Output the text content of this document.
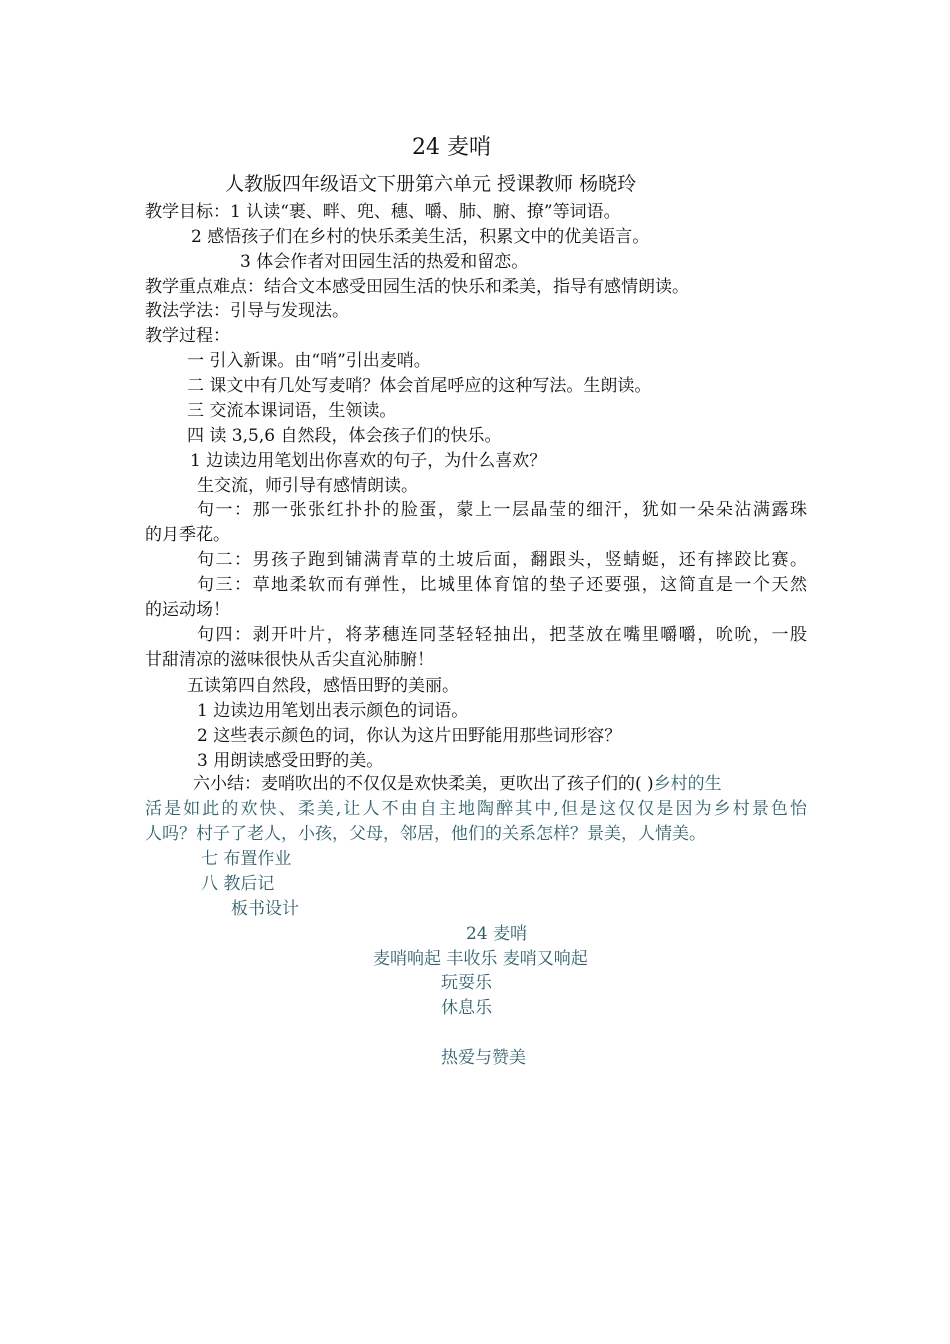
24 麦哨
人教版四年级语文下册第六单元 授课教师 杨晓玲
教学目标：1 认读“裹、畔、兜、穗、嚼、肺、腑、撩”等词语。
2 感悟孩子们在乡村的快乐柔美生活，积累文中的优美语言。
3 体会作者对田园生活的热爱和留恋。
教学重点难点：结合文本感受田园生活的快乐和柔美，指导有感情朗读。
教法学法：引导与发现法。
教学过程：
一 引入新课。由“哨”引出麦哨。
二 课文中有几处写麦哨？体会首尾呼应的这种写法。生朗读。
三 交流本课词语，生领读。
四 读 3,5,6 自然段，体会孩子们的快乐。
1 边读边用笔划出你喜欢的句子，为什么喜欢？
生交流，师引导有感情朗读。
句一：那一张张红扑扑的脸蛋，蒙上一层晶莹的细汗，犹如一朵朵沾满露珠
的月季花。
句二：男孩子跑到铺满青草的土坡后面，翻跟头，竖蜻蜓，还有摔跤比赛。
句三：草地柔软而有弹性，比城里体育馆的垫子还要强，这简直是一个天然
的运动场！
句四：剥开叶片，将茅穗连同茎轻轻抽出，把茎放在嘴里嚼嚼，吮吮，一股
甘甜清凉的滋味很快从舌尖直沁肺腑！
五读第四自然段，感悟田野的美丽。
1 边读边用笔划出表示颜色的词语。
2 这些表示颜色的词，你认为这片田野能用那些词形容？
3 用朗读感受田野的美。
六小结：麦哨吹出的不仅仅是欢快柔美，更吹出了孩子们的( )乡村的生
活是如此的欢快、柔美,让人不由自主地陶醉其中,但是这仅仅是因为乡村景色怡
人吗？村子了老人，小孩，父母，邻居，他们的关系怎样？景美，人情美。
七 布置作业
八 教后记
板书设计
24 麦哨
麦哨响起 丰收乐 麦哨又响起
玩耍乐
休息乐
热爱与赞美
